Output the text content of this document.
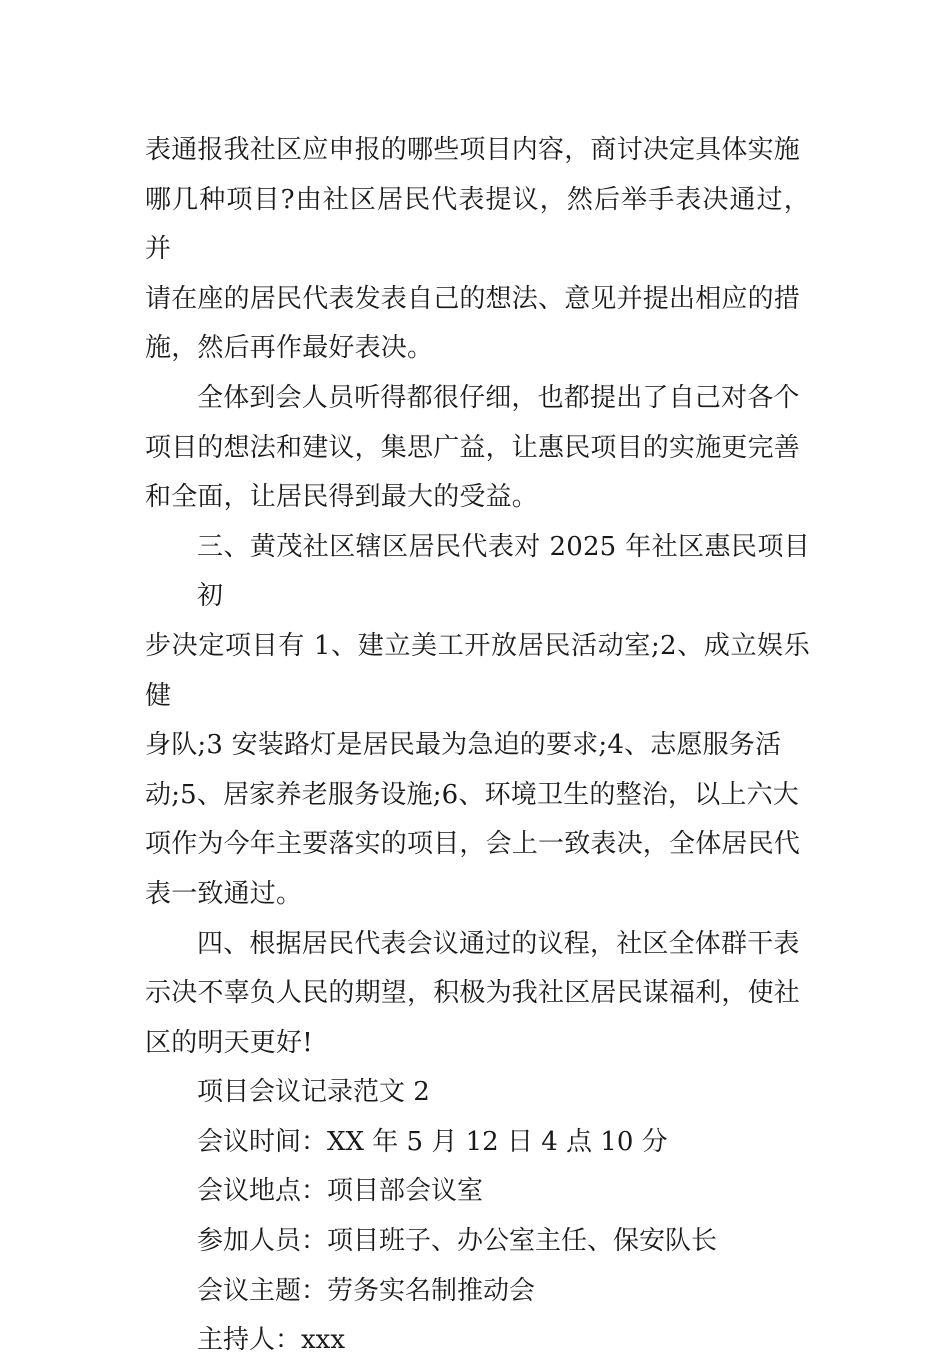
表通报我社区应申报的哪些项目内容，商讨决定具体实施
哪几种项目?由社区居民代表提议，然后举手表决通过，并
请在座的居民代表发表自己的想法、意见并提出相应的措
施，然后再作最好表决。

全体到会人员听得都很仔细，也都提出了自己对各个
项目的想法和建议，集思广益，让惠民项目的实施更完善
和全面，让居民得到最大的受益。

三、黄茂社区辖区居民代表对 2025 年社区惠民项目初
步决定项目有 1、建立美工开放居民活动室;2、成立娱乐健
身队;3 安装路灯是居民最为急迫的要求;4、志愿服务活
动;5、居家养老服务设施;6、环境卫生的整治，以上六大
项作为今年主要落实的项目，会上一致表决，全体居民代
表一致通过。

四、根据居民代表会议通过的议程，社区全体群干表
示决不辜负人民的期望，积极为我社区居民谋福利，使社
区的明天更好!

项目会议记录范文 2

会议时间：XX 年 5 月 12 日 4 点 10 分

会议地点：项目部会议室

参加人员：项目班子、办公室主任、保安队长

会议主题：劳务实名制推动会

主持人：xxx
